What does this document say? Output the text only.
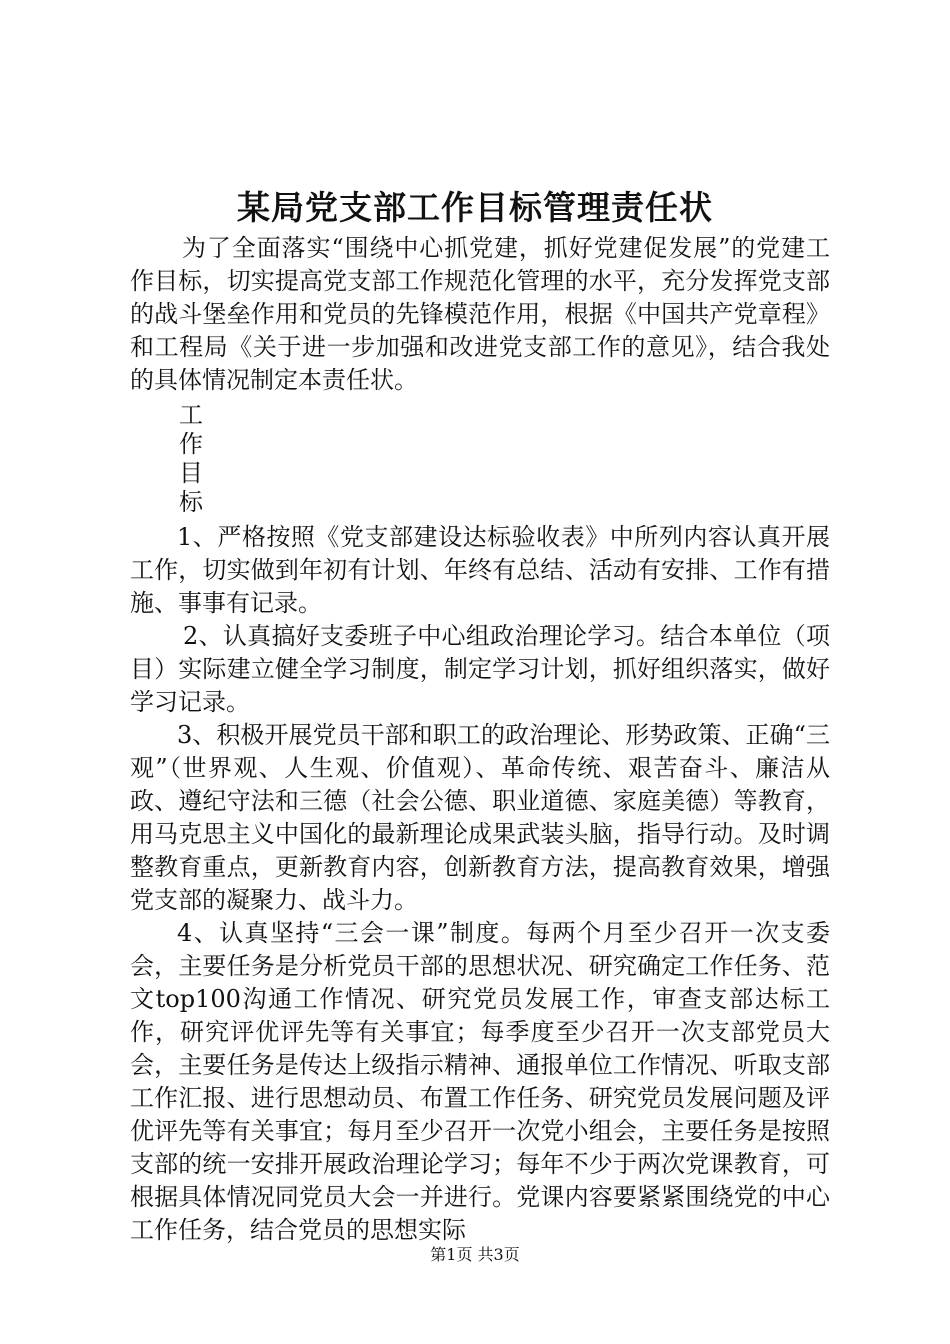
某局党支部工作目标管理责任状

为了全面落实“围绕中心抓党建，抓好党建促发展”的党建工作目标，切实提高党支部工作规范化管理的水平，充分发挥党支部的战斗堡垒作用和党员的先锋模范作用，根据《中国共产党章程》和工程局《关于进一步加强和改进党支部工作的意见》，结合我处的具体情况制定本责任状。

工
作
目
标

1、严格按照《党支部建设达标验收表》中所列内容认真开展工作，切实做到年初有计划、年终有总结、活动有安排、工作有措施、事事有记录。

2、认真搞好支委班子中心组政治理论学习。结合本单位（项目）实际建立健全学习制度，制定学习计划，抓好组织落实，做好学习记录。

3、积极开展党员干部和职工的政治理论、形势政策、正确“三观”（世界观、人生观、价值观）、革命传统、艰苦奋斗、廉洁从政、遵纪守法和三德（社会公德、职业道德、家庭美德）等教育，用马克思主义中国化的最新理论成果武装头脑，指导行动。及时调整教育重点，更新教育内容，创新教育方法，提高教育效果，增强党支部的凝聚力、战斗力。

4、认真坚持“三会一课”制度。每两个月至少召开一次支委会，主要任务是分析党员干部的思想状况、研究确定工作任务、范文top100沟通工作情况、研究党员发展工作，审查支部达标工作，研究评优评先等有关事宜；每季度至少召开一次支部党员大会，主要任务是传达上级指示精神、通报单位工作情况、听取支部工作汇报、进行思想动员、布置工作任务、研究党员发展问题及评优评先等有关事宜；每月至少召开一次党小组会，主要任务是按照支部的统一安排开展政治理论学习；每年不少于两次党课教育，可根据具体情况同党员大会一并进行。党课内容要紧紧围绕党的中心工作任务，结合党员的思想实际

第1页 共3页
